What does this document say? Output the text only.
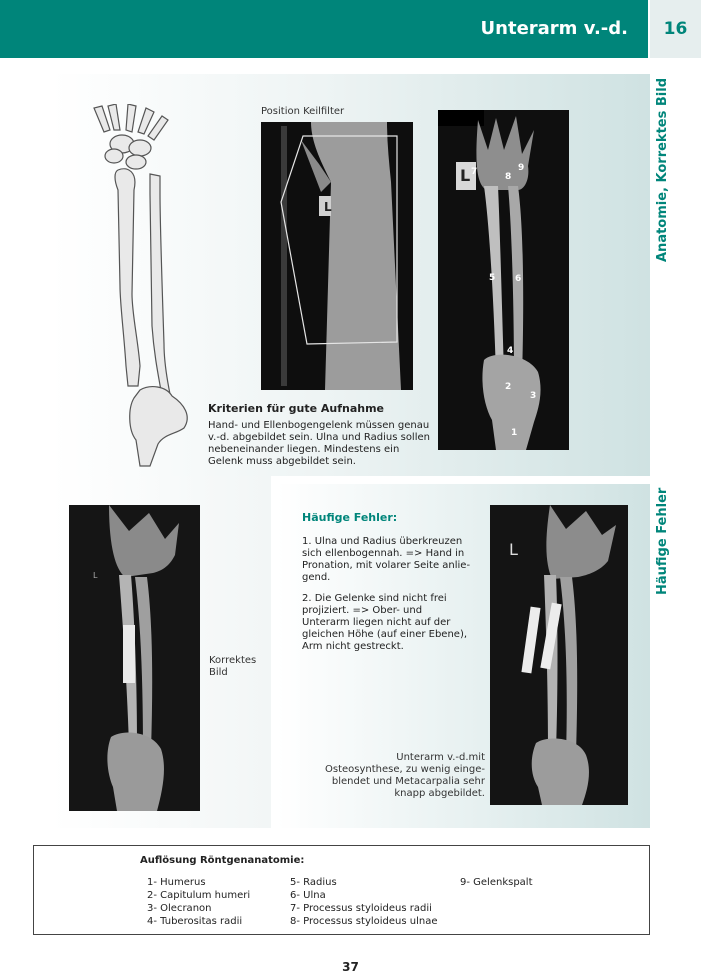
Unterarm v.-d.	16
Anatomie, Korrektes Bild
Häufige Fehler
Position Keilfilter
L
L 7	8
9
5 6
4
2
3
1
Kriterien für gute Aufnahme
Hand- und Ellenbogengelenk müssen genau
v.-d. abgebildet sein. Ulna und Radius sollen
nebeneinander liegen. Mindestens ein
Gelenk muss abgebildet sein.
L
Korrektes
Bild
Häufige Fehler:
1. Ulna und Radius überkreuzen
sich ellenbogennah. => Hand in
Pronation, mit volarer Seite anlie-
gend.
2. Die Gelenke sind nicht frei
projiziert. => Ober- und
Unterarm liegen nicht auf der
gleichen Höhe (auf einer Ebene),
Arm nicht gestreckt.
L
Unterarm v.-d.mit
Osteosynthese, zu wenig einge-
blendet und Metacarpalia sehr
knapp abgebildet.
Auflösung Röntgenanatomie:
1- Humerus
2- Capitulum humeri
3- Olecranon
4- Tuberositas radii
5- Radius
6- Ulna
7- Processus styloideus radii
8- Processus styloideus ulnae
9- Gelenkspalt
37
